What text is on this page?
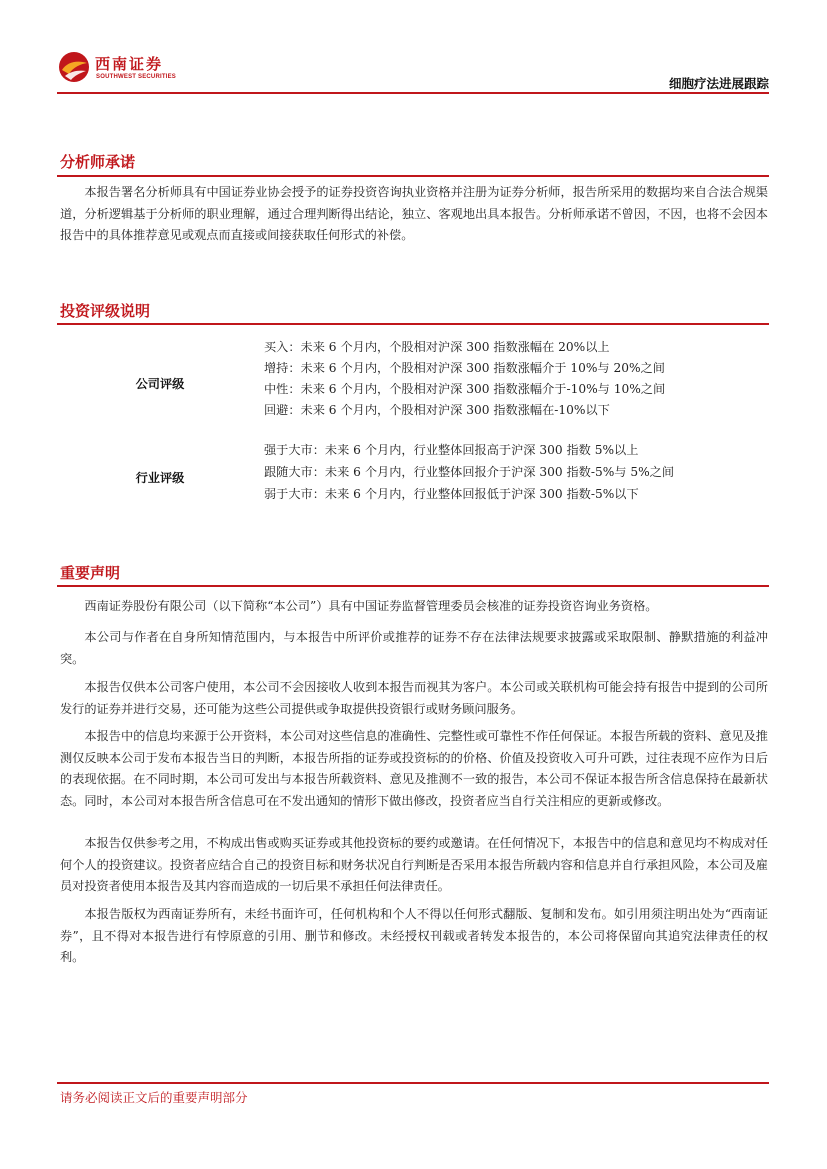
西南证券
SOUTHWEST SECURITIES	细胞疗法进展跟踪
分析师承诺
本报告署名分析师具有中国证券业协会授予的证券投资咨询执业资格并注册为证券分析师，报告所采用的数据均来自合法合规渠道，分析逻辑基于分析师的职业理解，通过合理判断得出结论，独立、客观地出具本报告。分析师承诺不曾因，不因，也将不会因本报告中的具体推荐意见或观点而直接或间接获取任何形式的补偿。
投资评级说明
公司评级
买入：未来 6 个月内，个股相对沪深 300 指数涨幅在 20%以上
增持：未来 6 个月内，个股相对沪深 300 指数涨幅介于 10%与 20%之间
中性：未来 6 个月内，个股相对沪深 300 指数涨幅介于-10%与 10%之间
回避：未来 6 个月内，个股相对沪深 300 指数涨幅在-10%以下
行业评级
强于大市：未来 6 个月内，行业整体回报高于沪深 300 指数 5%以上
跟随大市：未来 6 个月内，行业整体回报介于沪深 300 指数-5%与 5%之间
弱于大市：未来 6 个月内，行业整体回报低于沪深 300 指数-5%以下
重要声明
西南证券股份有限公司（以下简称“本公司”）具有中国证券监督管理委员会核准的证券投资咨询业务资格。
本公司与作者在自身所知情范围内，与本报告中所评价或推荐的证券不存在法律法规要求披露或采取限制、静默措施的利益冲突。
本报告仅供本公司客户使用，本公司不会因接收人收到本报告而视其为客户。本公司或关联机构可能会持有报告中提到的公司所发行的证券并进行交易，还可能为这些公司提供或争取提供投资银行或财务顾问服务。
本报告中的信息均来源于公开资料，本公司对这些信息的准确性、完整性或可靠性不作任何保证。本报告所载的资料、意见及推测仅反映本公司于发布本报告当日的判断，本报告所指的证券或投资标的的价格、价值及投资收入可升可跌，过往表现不应作为日后的表现依据。在不同时期，本公司可发出与本报告所载资料、意见及推测不一致的报告，本公司不保证本报告所含信息保持在最新状态。同时，本公司对本报告所含信息可在不发出通知的情形下做出修改，投资者应当自行关注相应的更新或修改。
本报告仅供参考之用，不构成出售或购买证券或其他投资标的要约或邀请。在任何情况下，本报告中的信息和意见均不构成对任何个人的投资建议。投资者应结合自己的投资目标和财务状况自行判断是否采用本报告所载内容和信息并自行承担风险，本公司及雇员对投资者使用本报告及其内容而造成的一切后果不承担任何法律责任。
本报告版权为西南证券所有，未经书面许可，任何机构和个人不得以任何形式翻版、复制和发布。如引用须注明出处为“西南证券”，且不得对本报告进行有悖原意的引用、删节和修改。未经授权刊载或者转发本报告的，本公司将保留向其追究法律责任的权利。
请务必阅读正文后的重要声明部分
